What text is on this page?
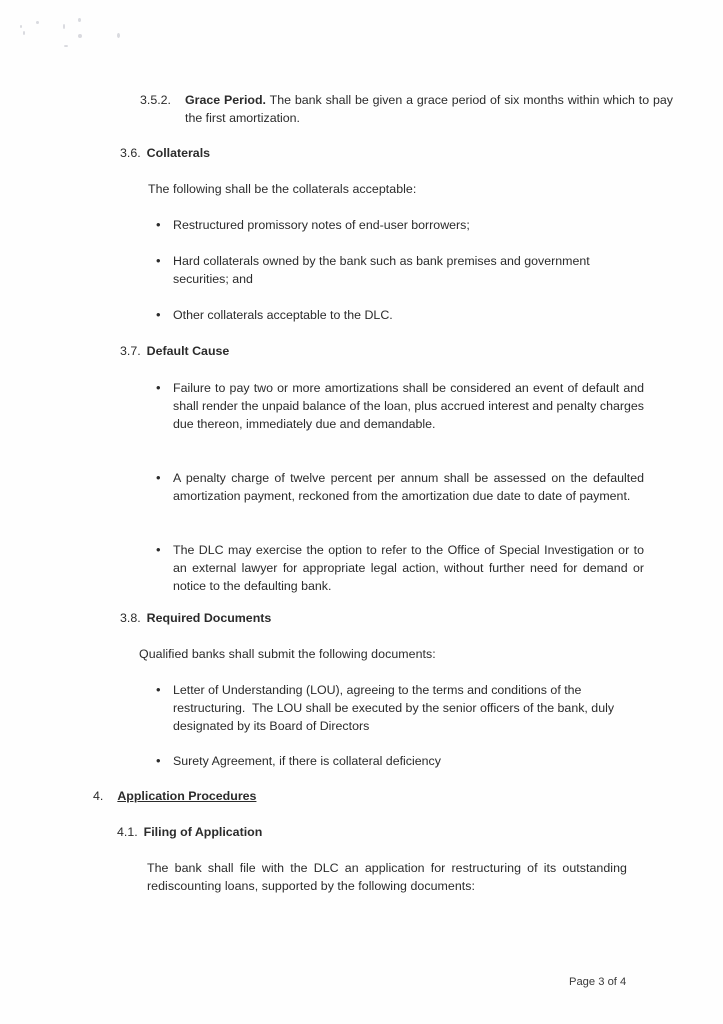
3.5.2. Grace Period. The bank shall be given a grace period of six months within which to pay the first amortization.
3.6. Collaterals
The following shall be the collaterals acceptable:
•	Restructured promissory notes of end-user borrowers;
•	Hard collaterals owned by the bank such as bank premises and government securities; and
•	Other collaterals acceptable to the DLC.
3.7. Default Cause
•	Failure to pay two or more amortizations shall be considered an event of default and shall render the unpaid balance of the loan, plus accrued interest and penalty charges due thereon, immediately due and demandable.
•	A penalty charge of twelve percent per annum shall be assessed on the defaulted amortization payment, reckoned from the amortization due date to date of payment.
•	The DLC may exercise the option to refer to the Office of Special Investigation or to an external lawyer for appropriate legal action, without further need for demand or notice to the defaulting bank.
3.8. Required Documents
Qualified banks shall submit the following documents:
•	Letter of Understanding (LOU), agreeing to the terms and conditions of the restructuring.  The LOU shall be executed by the senior officers of the bank, duly designated by its Board of Directors
•	Surety Agreement, if there is collateral deficiency
4. Application Procedures
4.1. Filing of Application
The bank shall file with the DLC an application for restructuring of its outstanding rediscounting loans, supported by the following documents:
Page 3 of 4
